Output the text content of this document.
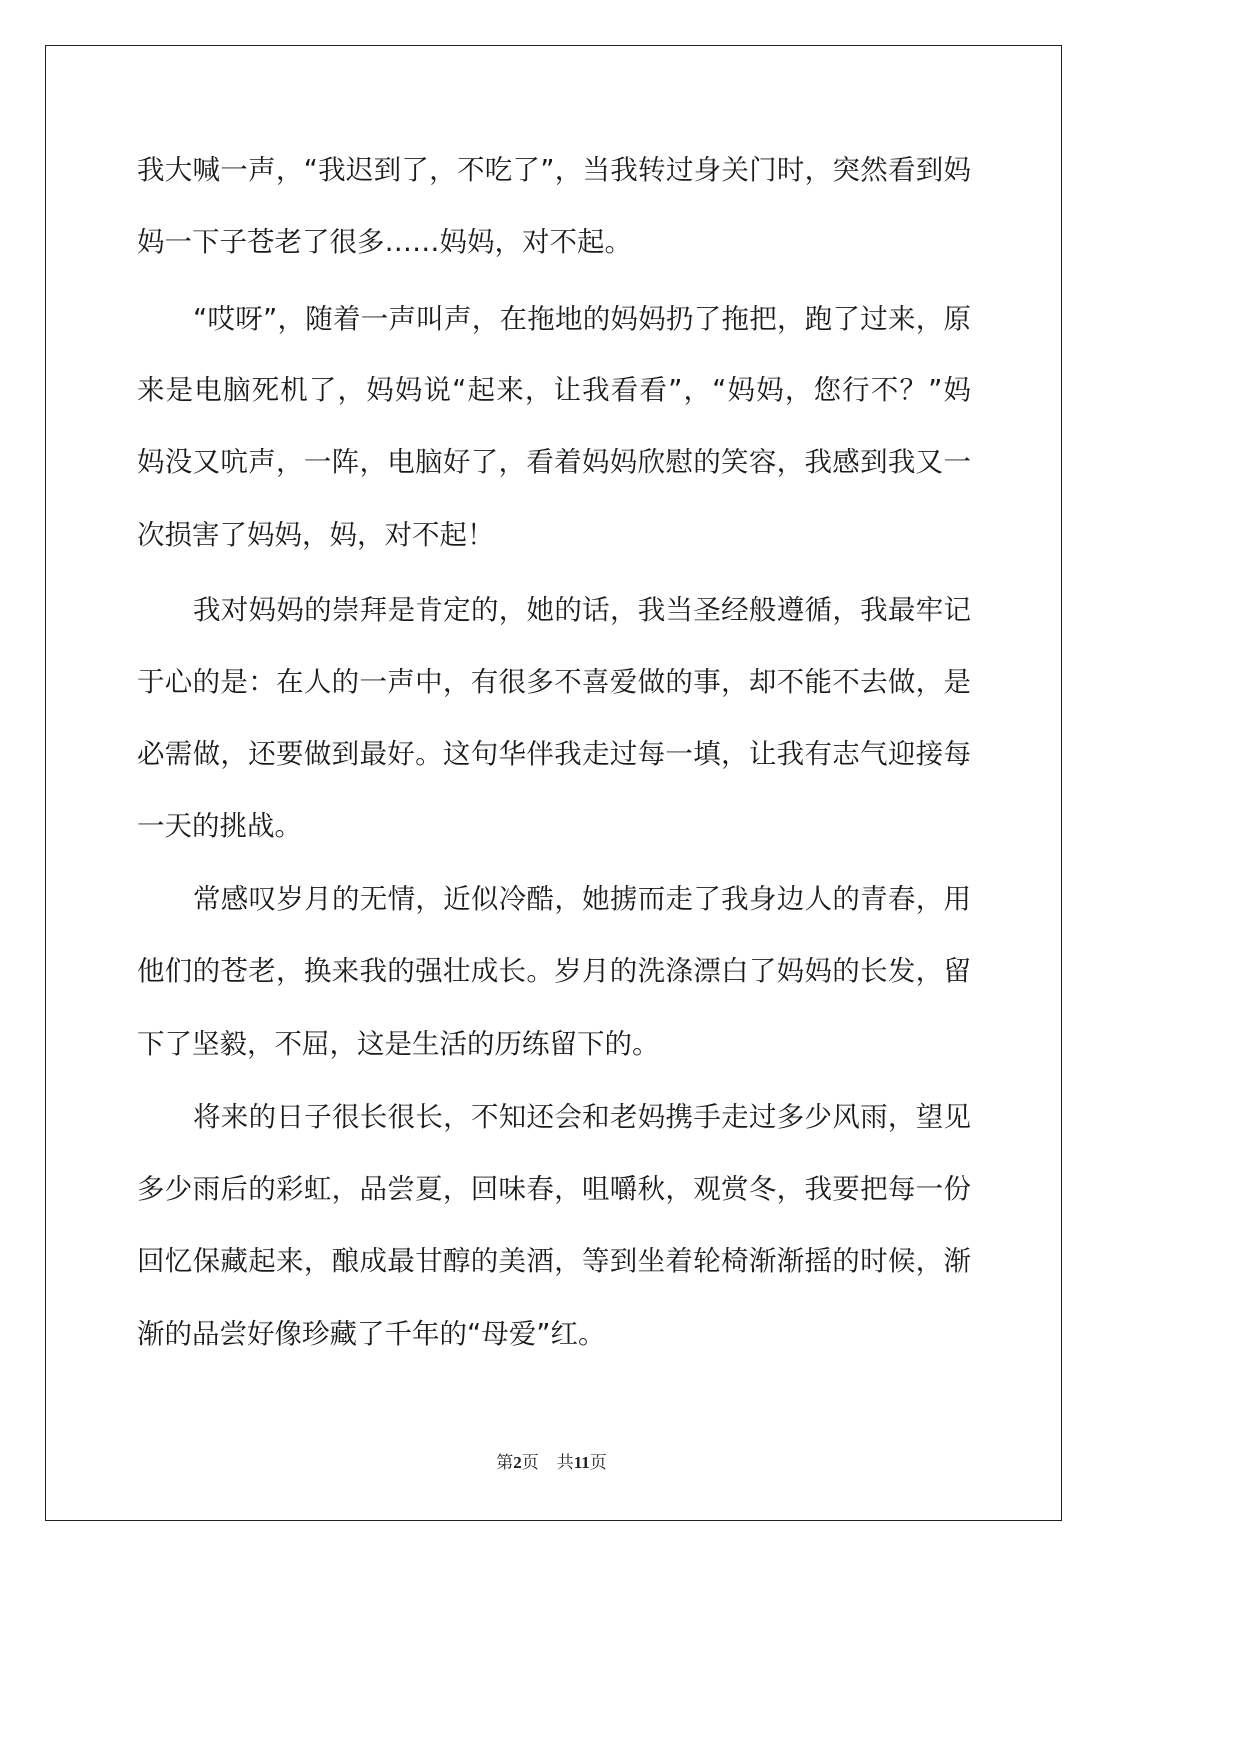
我大喊一声，“我迟到了，不吃了”，当我转过身关门时，突然看到妈
妈一下子苍老了很多……妈妈，对不起。
“哎呀”，随着一声叫声，在拖地的妈妈扔了拖把，跑了过来，原
来是电脑死机了，妈妈说“起来，让我看看”，“妈妈，您行不？”妈
妈没又吭声，一阵，电脑好了，看着妈妈欣慰的笑容，我感到我又一
次损害了妈妈，妈，对不起！
我对妈妈的崇拜是肯定的，她的话，我当圣经般遵循，我最牢记
于心的是：在人的一声中，有很多不喜爱做的事，却不能不去做，是
必需做，还要做到最好。这句华伴我走过每一填，让我有志气迎接每
一天的挑战。
常感叹岁月的无情，近似冷酷，她掳而走了我身边人的青春，用
他们的苍老，换来我的强壮成长。岁月的洗涤漂白了妈妈的长发，留
下了坚毅，不屈，这是生活的历练留下的。
将来的日子很长很长，不知还会和老妈携手走过多少风雨，望见
多少雨后的彩虹，品尝夏，回味春，咀嚼秋，观赏冬，我要把每一份
回忆保藏起来，酿成最甘醇的美酒，等到坐着轮椅渐渐摇的时候，渐
渐的品尝好像珍藏了千年的“母爱”红。
第2页 共11页
